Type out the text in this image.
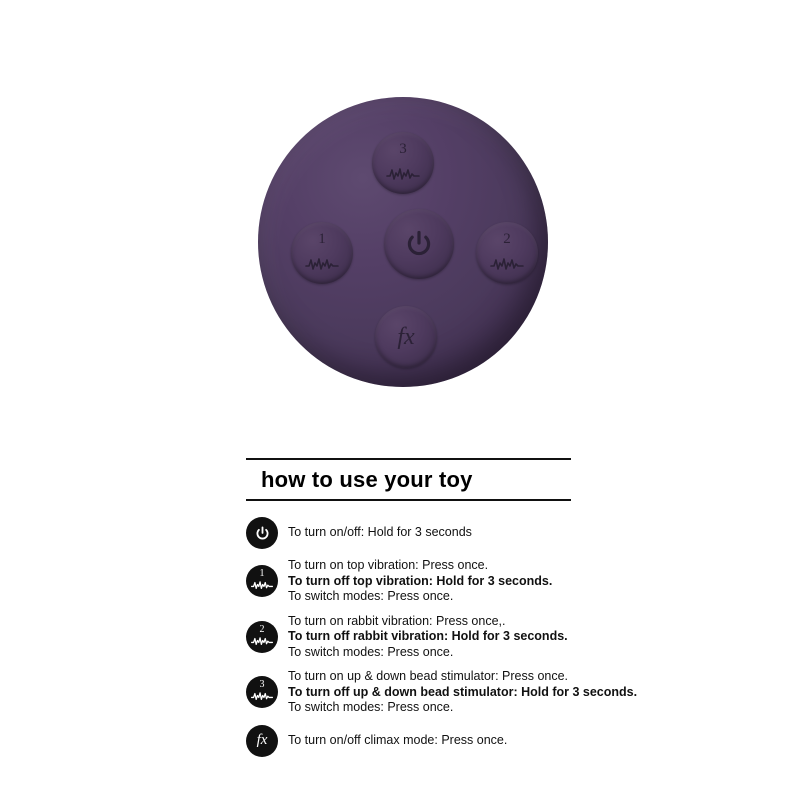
3
1	2
fx
how to use your toy
To turn on/off: Hold for 3 seconds
1
To turn on top vibration: Press once.
To turn off top vibration: Hold for 3 seconds.
To switch modes: Press once.
2
To turn on rabbit vibration: Press once,.
To turn off rabbit vibration: Hold for 3 seconds.
To switch modes: Press once.
3
To turn on up & down bead stimulator: Press once.
To turn off up & down bead stimulator: Hold for 3 seconds.
To switch modes: Press once.
fx To turn on/off climax mode: Press once.
